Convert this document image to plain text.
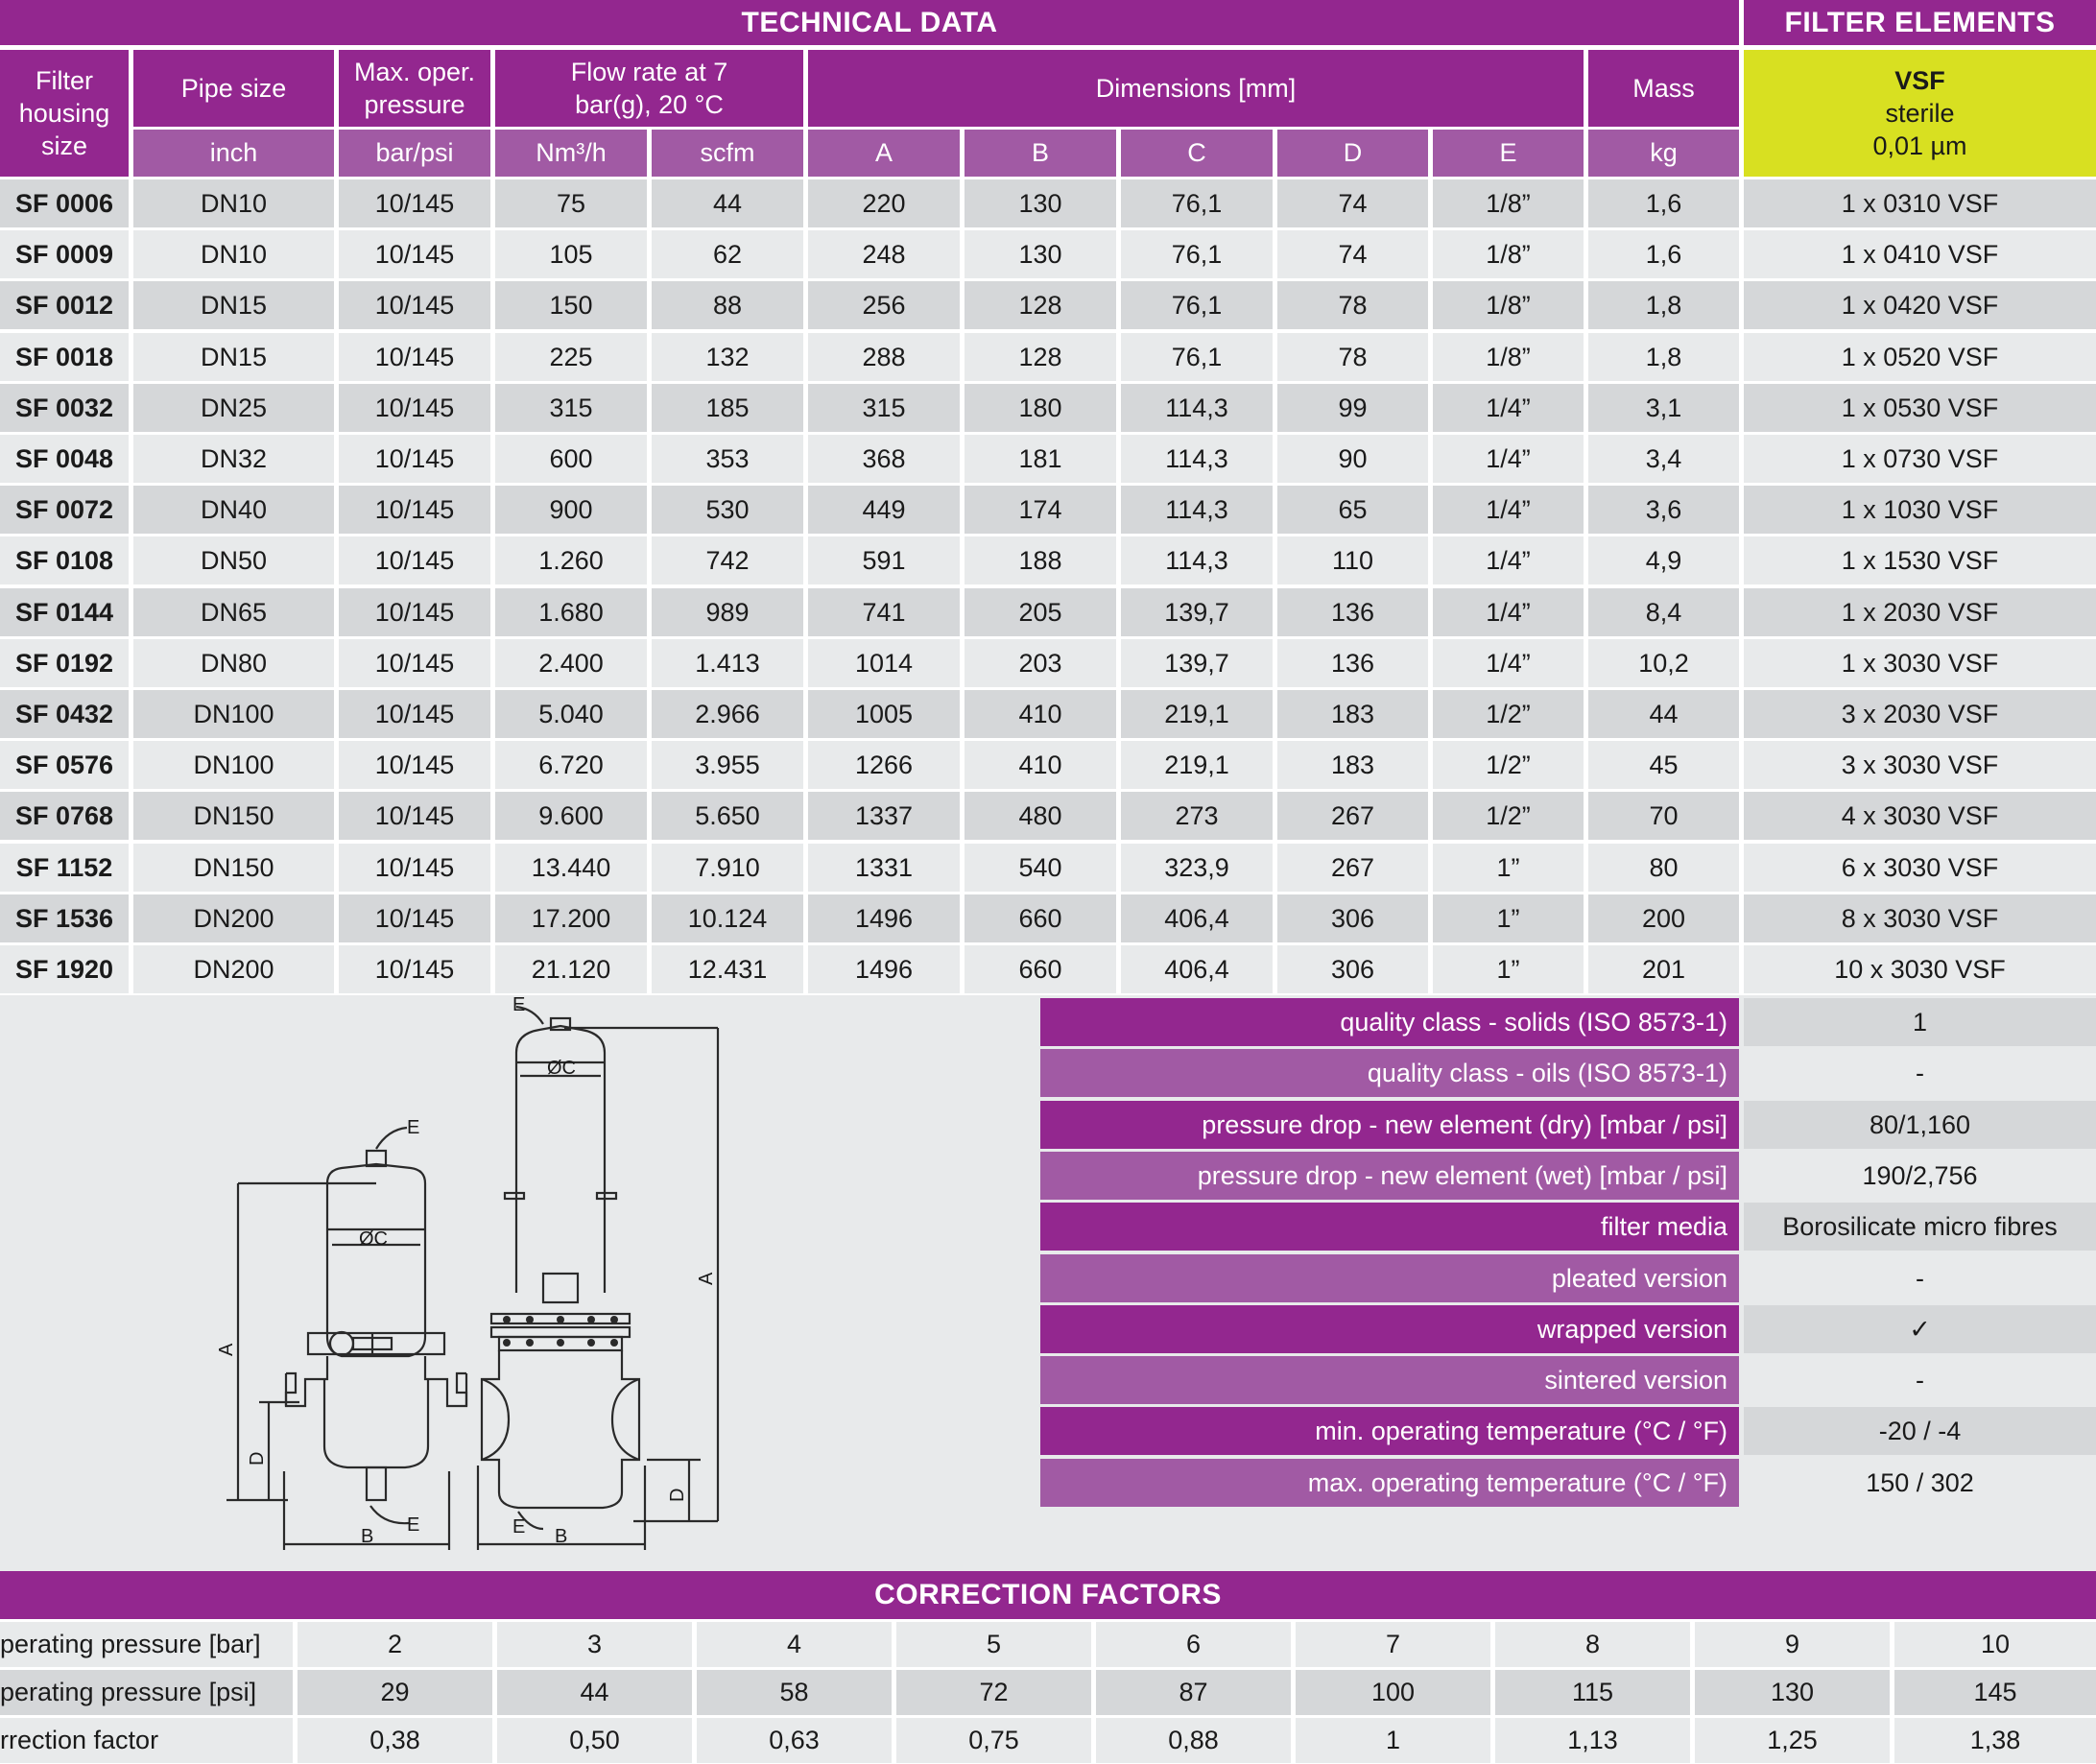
TECHNICAL DATA	FILTER ELEMENTS
Filter housing size
Pipe size
Max. oper. pressure
Flow rate at 7 bar(g), 20 °C
Dimensions [mm]	Mass	VSF
sterile
0,01 µm
inch	bar/psi	Nm³/h	scfm	A	B	C	D	E	kg
SF 0006	DN10	10/145	75	44	220	130	76,1	74	1/8”	1,6	1 x 0310 VSF
SF 0009	DN10	10/145	105	62	248	130	76,1	74	1/8”	1,6	1 x 0410 VSF
SF 0012	DN15	10/145	150	88	256	128	76,1	78	1/8”	1,8	1 x 0420 VSF
SF 0018	DN15	10/145	225	132	288	128	76,1	78	1/8”	1,8	1 x 0520 VSF
SF 0032	DN25	10/145	315	185	315	180	114,3	99	1/4”	3,1	1 x 0530 VSF
SF 0048	DN32	10/145	600	353	368	181	114,3	90	1/4”	3,4	1 x 0730 VSF
SF 0072	DN40	10/145	900	530	449	174	114,3	65	1/4”	3,6	1 x 1030 VSF
SF 0108	DN50	10/145	1.260	742	591	188	114,3	110	1/4”	4,9	1 x 1530 VSF
SF 0144	DN65	10/145	1.680	989	741	205	139,7	136	1/4”	8,4	1 x 2030 VSF
SF 0192	DN80	10/145	2.400	1.413	1014	203	139,7	136	1/4”	10,2	1 x 3030 VSF
SF 0432	DN100	10/145	5.040	2.966	1005	410	219,1	183	1/2”	44	3 x 2030 VSF
SF 0576	DN100	10/145	6.720	3.955	1266	410	219,1	183	1/2”	45	3 x 3030 VSF
SF 0768	DN150	10/145	9.600	5.650	1337	480	273	267	1/2”	70	4 x 3030 VSF
SF 1152	DN150	10/145	13.440	7.910	1331	540	323,9	267	1”	80	6 x 3030 VSF
SF 1536	DN200	10/145	17.200	10.124	1496	660	406,4	306	1”	200	8 x 3030 VSF
SF 1920	DN200	10/145	21.120	12.431	1496	660	406,4	306	1”	201	10 x 3030 VSF
E
ØC
A
D
E
B
E
ØC
A
D
E B
quality class - solids (ISO 8573-1)	1
quality class - oils (ISO 8573-1)	-
pressure drop - new element (dry) [mbar / psi]	80/1,160
pressure drop - new element (wet) [mbar / psi]	190/2,756
filter media	Borosilicate micro fibres
pleated version	-
wrapped version	✓
sintered version	-
min. operating temperature (°C / °F)	-20 / -4
max. operating temperature (°C / °F)	150 / 302
CORRECTION FACTORS
perating pressure [bar]	2	3	4	5	6	7	8	9	10
perating pressure [psi]	29	44	58	72	87	100	115	130	145
rrection factor	0,38	0,50	0,63	0,75	0,88	1	1,13	1,25	1,38
